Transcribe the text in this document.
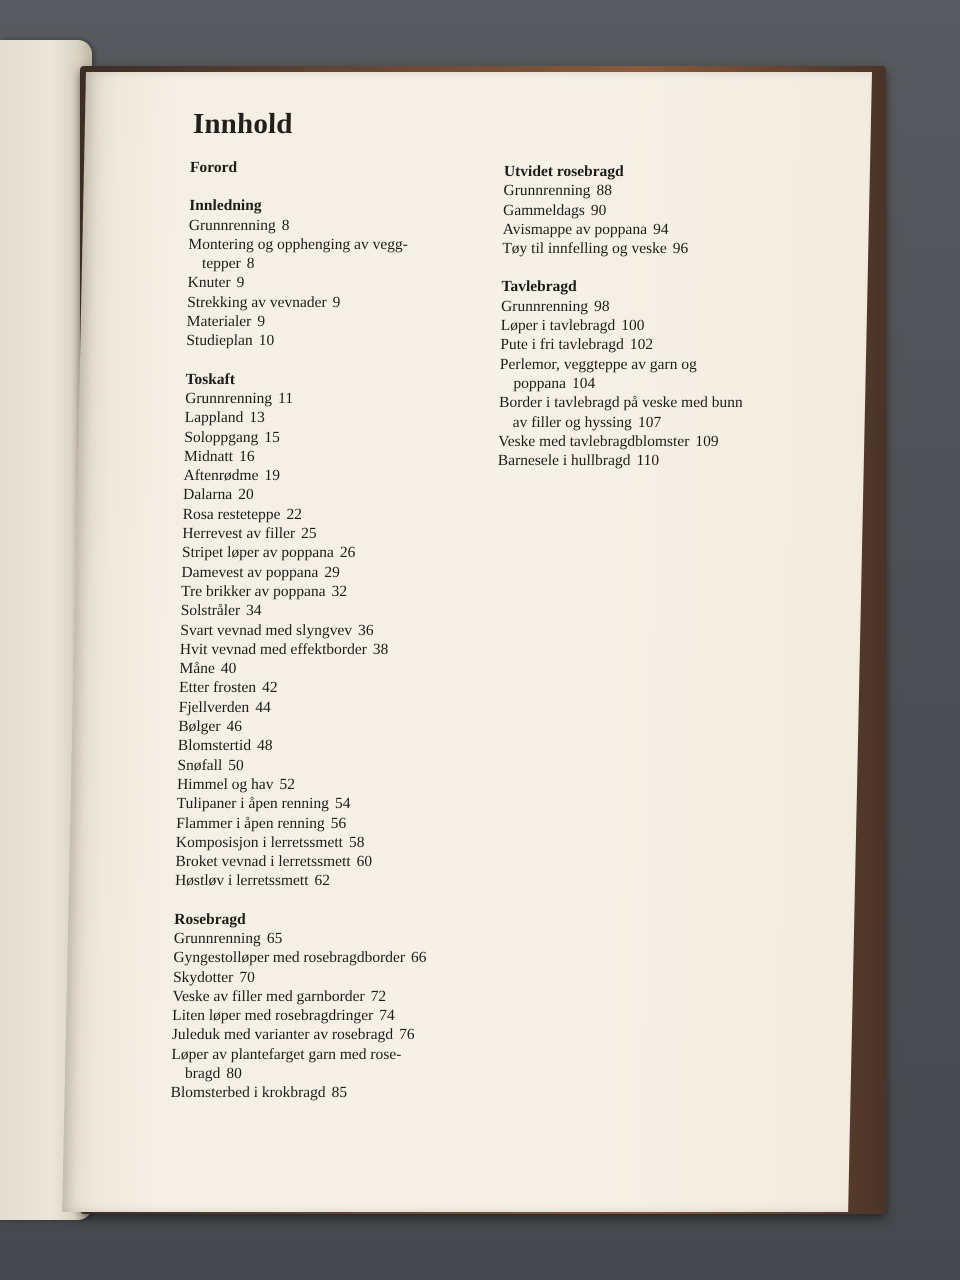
Innhold

Forord

Innledning

Grunnrenning 8
Montering og opphenging av vegg-
tepper 8
Knuter 9
Strekking av vevnader 9
Materialer 9
Studieplan 10

Toskaft

Grunnrenning 11
Lappland 13
Soloppgang 15
Midnatt 16
Aftenrødme 19
Dalarna 20
Rosa resteteppe 22
Herrevest av filler 25
Stripet løper av poppana 26
Damevest av poppana 29
Tre brikker av poppana 32
Solstråler 34
Svart vevnad med slyngvev 36
Hvit vevnad med effektborder 38
Måne 40
Etter frosten 42
Fjellverden 44
Bølger 46
Blomstertid 48
Snøfall 50
Himmel og hav 52
Tulipaner i åpen renning 54
Flammer i åpen renning 56
Komposisjon i lerretssmett 58
Broket vevnad i lerretssmett 60
Høstløv i lerretssmett 62

Rosebragd

Grunnrenning 65
Gyngestolløper med rosebragdborder 66
Skydotter 70
Veske av filler med garnborder 72
Liten løper med rosebragdringer 74
Juleduk med varianter av rosebragd 76
Løper av plantefarget garn med rose-
bragd 80
Blomsterbed i krokbragd 85

Utvidet rosebragd

Grunnrenning 88
Gammeldags 90
Avismappe av poppana 94
Tøy til innfelling og veske 96

Tavlebragd

Grunnrenning 98
Løper i tavlebragd 100
Pute i fri tavlebragd 102
Perlemor, veggteppe av garn og
poppana 104
Border i tavlebragd på veske med bunn
av filler og hyssing 107
Veske med tavlebragdblomster 109
Barnesele i hullbragd 110
